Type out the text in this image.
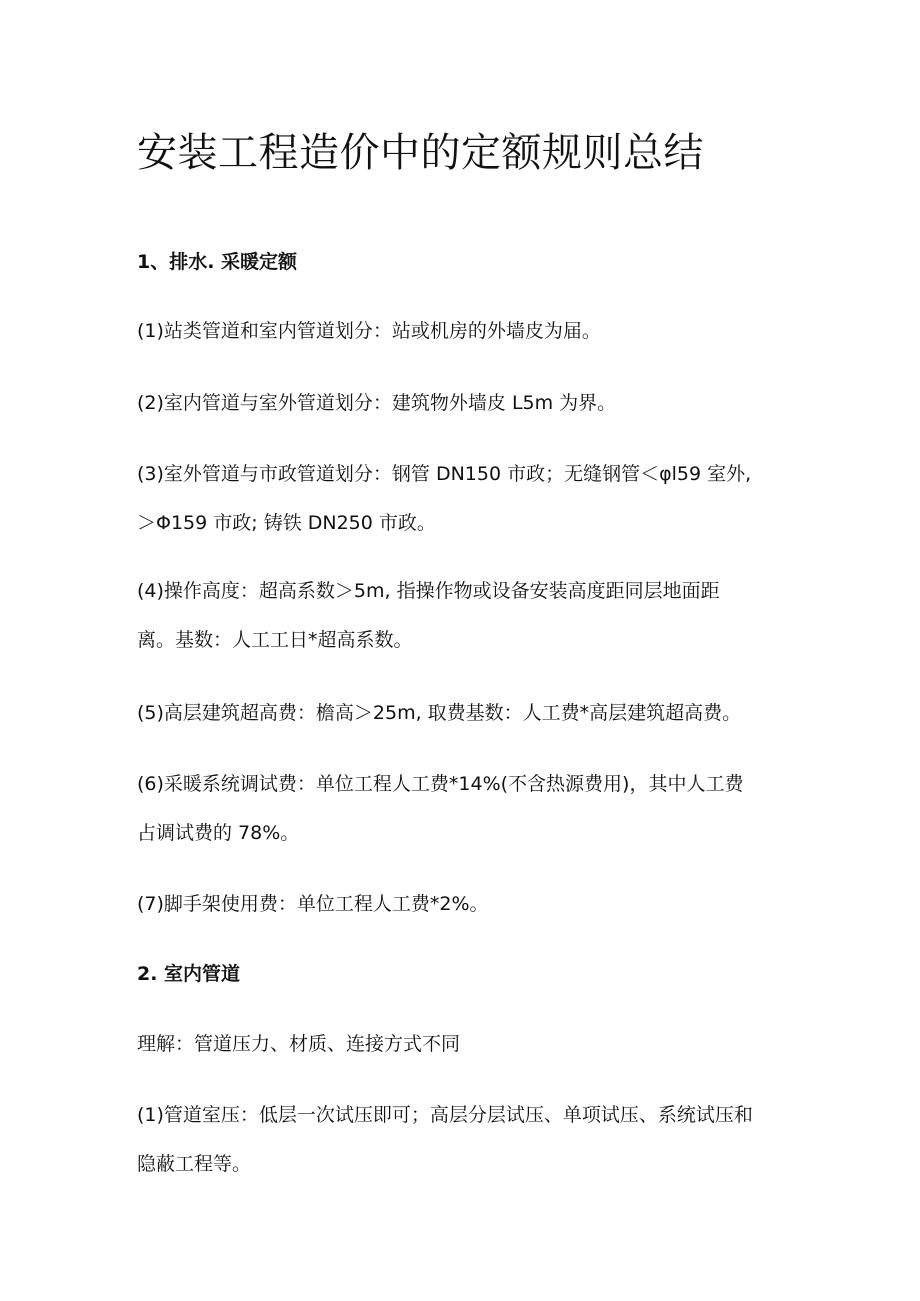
安装工程造价中的定额规则总结

1、排水. 采暖定额

(1)站类管道和室内管道划分：站或机房的外墙皮为届。

(2)室内管道与室外管道划分：建筑物外墙皮 L5m 为界。

(3)室外管道与市政管道划分：钢管 DN150 市政；无缝钢管＜φl59 室外,

＞Φ159 市政; 铸铁 DN250 市政。

(4)操作高度：超高系数＞5m, 指操作物或设备安装高度距同层地面距

离。基数：人工工日*超高系数。

(5)高层建筑超高费：檐高＞25m, 取费基数：人工费*高层建筑超高费。

(6)采暖系统调试费：单位工程人工费*14%(不含热源费用)，其中人工费

占调试费的 78%。

(7)脚手架使用费：单位工程人工费*2%。

2. 室内管道

理解：管道压力、材质、连接方式不同

(1)管道室压：低层一次试压即可；高层分层试压、单项试压、系统试压和

隐蔽工程等。
